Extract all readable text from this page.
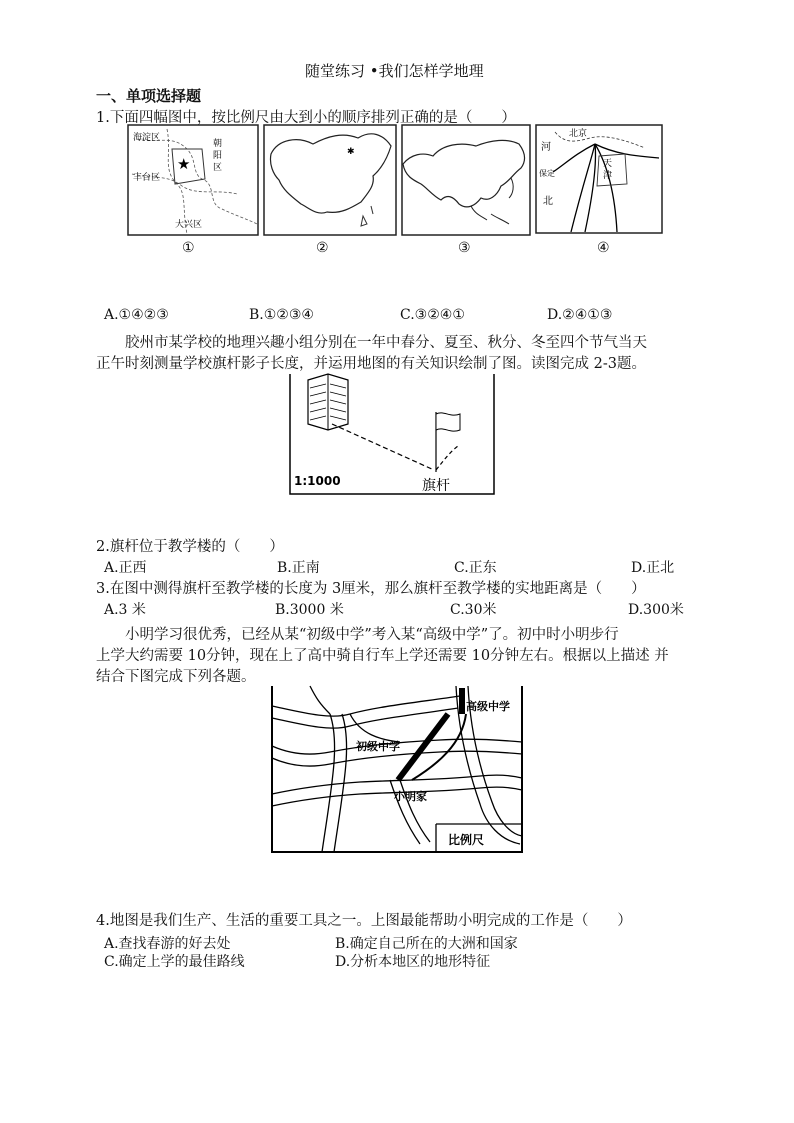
随堂练习 •我们怎样学地理
一、单项选择题
1.下面四幅图中，按比例尺由大到小的顺序排列正确的是（　　）
★
海淀区
朝
阳
区
丰台区
大兴区
①
✱
②	③
北京
河
天
津
保定
北
④
A.①④②③	B.①②③④	C.③②④①	D.②④①③
胶州市某学校的地理兴趣小组分别在一年中春分、夏至、秋分、冬至四个节气当天
正午时刻测量学校旗杆影子长度，并运用地图的有关知识绘制了图。读图完成 2-3题。
1:1000	旗杆
2.旗杆位于教学楼的（　　）
A.正西	B.正南	C.正东	D.正北
3.在图中测得旗杆至教学楼的长度为 3厘米，那么旗杆至教学楼的实地距离是（　　）
A.3 米	B.3000 米	C.30米	D.300米
小明学习很优秀，已经从某“初级中学”考入某“高级中学”了。初中时小明步行
上学大约需要 10分钟，现在上了高中骑自行车上学还需要 10分钟左右。根据以上描述 并
结合下图完成下列各题。
高级中学
初级中学
小明家
比例尺
4.地图是我们生产、生活的重要工具之一。上图最能帮助小明完成的工作是（　　）
A.查找春游的好去处	B.确定自己所在的大洲和国家
C.确定上学的最佳路线	D.分析本地区的地形特征
